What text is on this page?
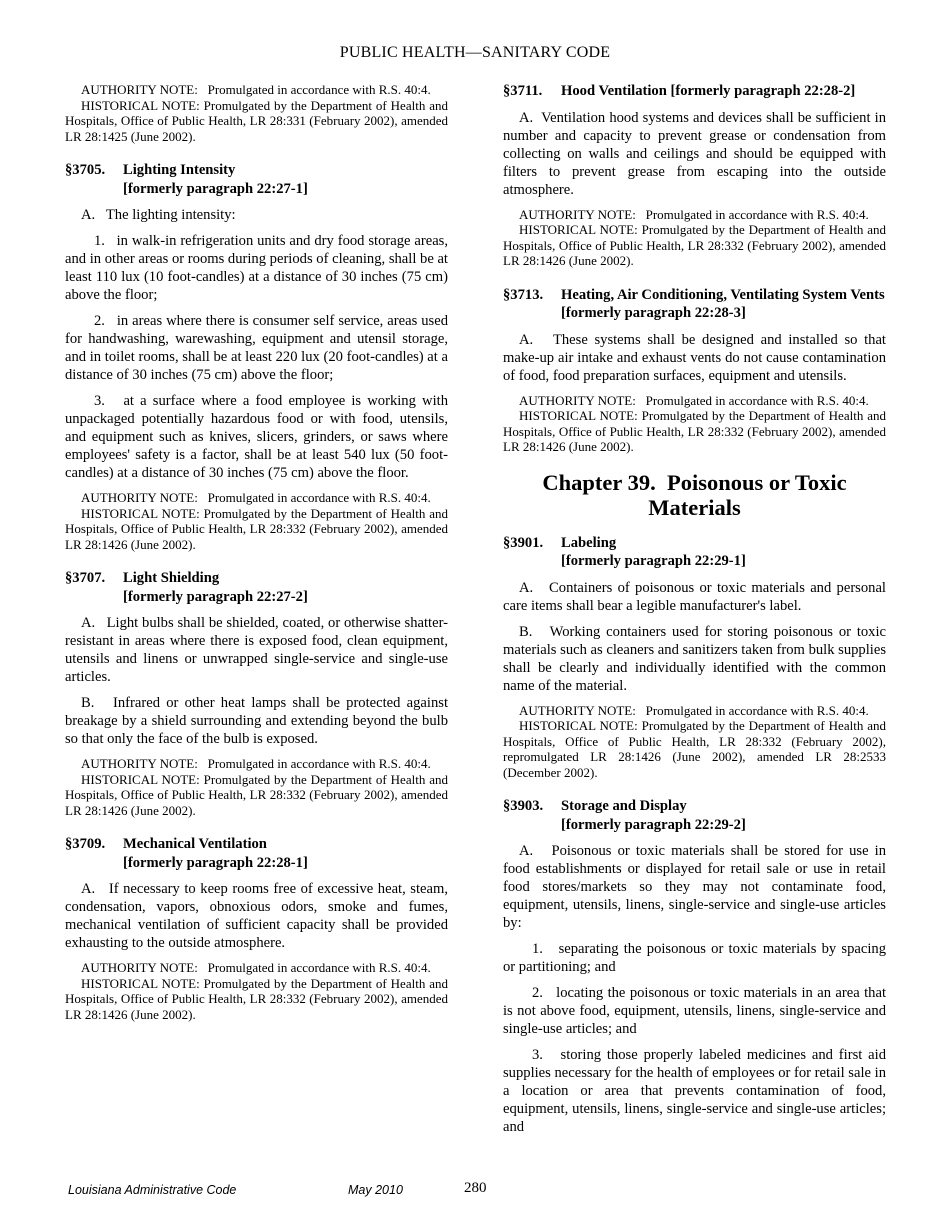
PUBLIC HEALTH—SANITARY CODE

AUTHORITY NOTE:   Promulgated in accordance with R.S. 40:4.

HISTORICAL NOTE: Promulgated by the Department of Health and Hospitals, Office of Public Health, LR 28:331 (February 2002), amended LR 28:1425 (June 2002).

§3705.	Lighting Intensity
[formerly paragraph 22:27-1]

A.   The lighting intensity:

1.   in walk-in refrigeration units and dry food storage areas, and in other areas or rooms during periods of cleaning, shall be at least 110 lux (10 foot-candles) at a distance of 30 inches (75 cm) above the floor;

2.   in areas where there is consumer self service, areas used for handwashing, warewashing, equipment and utensil storage, and in toilet rooms, shall be at least 220 lux (20 foot-candles) at a distance of 30 inches (75 cm) above the floor;

3.   at a surface where a food employee is working with unpackaged potentially hazardous food or with food, utensils, and equipment such as knives, slicers, grinders, or saws where employees' safety is a factor, shall be at least 540 lux (50 foot-candles) at a distance of 30 inches (75 cm) above the floor.

AUTHORITY NOTE:   Promulgated in accordance with R.S. 40:4.

HISTORICAL NOTE: Promulgated by the Department of Health and Hospitals, Office of Public Health, LR 28:332 (February 2002), amended LR 28:1426 (June 2002).

§3707.	Light Shielding
[formerly paragraph 22:27-2]

A.   Light bulbs shall be shielded, coated, or otherwise shatter-resistant in areas where there is exposed food, clean equipment, utensils and linens or unwrapped single-service and single-use articles.

B.   Infrared or other heat lamps shall be protected against breakage by a shield surrounding and extending beyond the bulb so that only the face of the bulb is exposed.

AUTHORITY NOTE:   Promulgated in accordance with R.S. 40:4.

HISTORICAL NOTE: Promulgated by the Department of Health and Hospitals, Office of Public Health, LR 28:332 (February 2002), amended LR 28:1426 (June 2002).

§3709.	Mechanical Ventilation
[formerly paragraph 22:28-1]

A.   If necessary to keep rooms free of excessive heat, steam, condensation, vapors, obnoxious odors, smoke and fumes, mechanical ventilation of sufficient capacity shall be provided exhausting to the outside atmosphere.

AUTHORITY NOTE:   Promulgated in accordance with R.S. 40:4.

HISTORICAL NOTE: Promulgated by the Department of Health and Hospitals, Office of Public Health, LR 28:332 (February 2002), amended LR 28:1426 (June 2002).

§3711.	Hood Ventilation [formerly paragraph 22:28-2]

A.  Ventilation hood systems and devices shall be sufficient in number and capacity to prevent grease or condensation from collecting on walls and ceilings and should be equipped with filters to prevent grease from escaping into the outside atmosphere.

AUTHORITY NOTE:   Promulgated in accordance with R.S. 40:4.

HISTORICAL NOTE: Promulgated by the Department of Health and Hospitals, Office of Public Health, LR 28:332 (February 2002), amended LR 28:1426 (June 2002).

§3713.	Heating, Air Conditioning, Ventilating System Vents [formerly paragraph 22:28-3]

A.   These systems shall be designed and installed so that make-up air intake and exhaust vents do not cause contamination of food, food preparation surfaces, equipment and utensils.

AUTHORITY NOTE:   Promulgated in accordance with R.S. 40:4.

HISTORICAL NOTE: Promulgated by the Department of Health and Hospitals, Office of Public Health, LR 28:332 (February 2002), amended LR 28:1426 (June 2002).

Chapter 39.  Poisonous or Toxic Materials
§3901.	Labeling
[formerly paragraph 22:29-1]

A.   Containers of poisonous or toxic materials and personal care items shall bear a legible manufacturer's label.

B.   Working containers used for storing poisonous or toxic materials such as cleaners and sanitizers taken from bulk supplies shall be clearly and individually identified with the common name of the material.

AUTHORITY NOTE:   Promulgated in accordance with R.S. 40:4.

HISTORICAL NOTE: Promulgated by the Department of Health and Hospitals, Office of Public Health, LR 28:332 (February 2002), repromulgated LR 28:1426 (June 2002), amended LR 28:2533 (December 2002).

§3903.	Storage and Display
[formerly paragraph 22:29-2]

A.   Poisonous or toxic materials shall be stored for use in food establishments or displayed for retail sale or use in retail food stores/markets so they may not contaminate food, equipment, utensils, linens, single-service and single-use articles by:

1.   separating the poisonous or toxic materials by spacing or partitioning; and

2.   locating the poisonous or toxic materials in an area that is not above food, equipment, utensils, linens, single-service and single-use articles; and

3.   storing those properly labeled medicines and first aid supplies necessary for the health of employees or for retail sale in a location or area that prevents contamination of food, equipment, utensils, linens, single-service and single-use articles; and

Louisiana Administrative Code	May 2010	280
